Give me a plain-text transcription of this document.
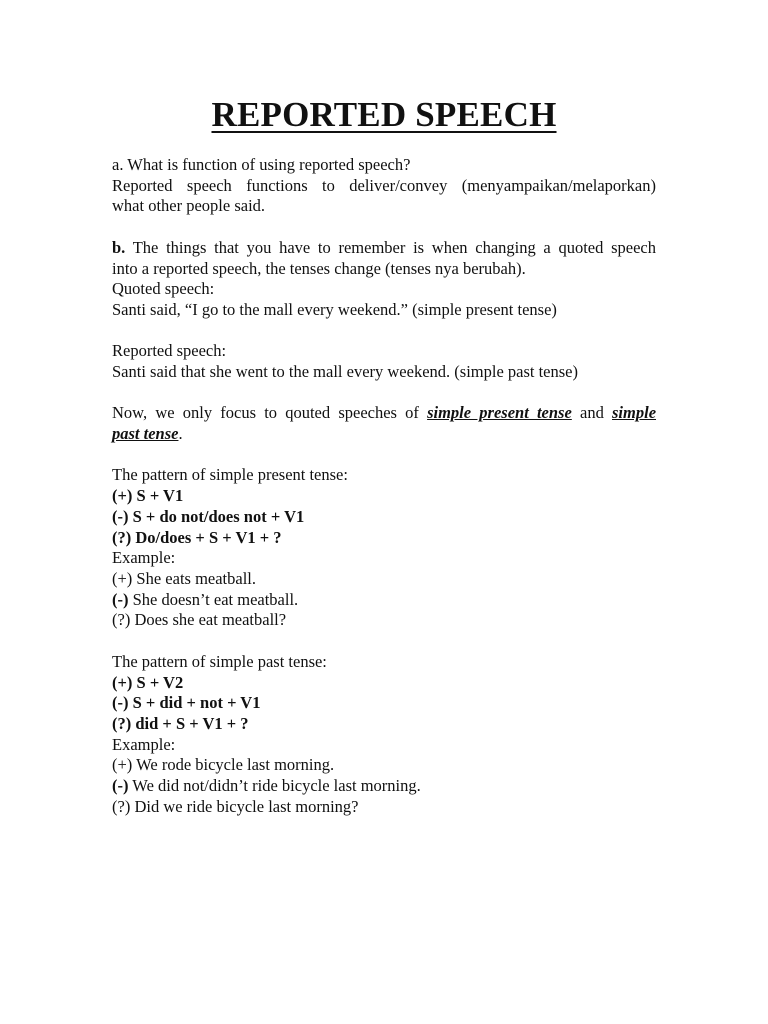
REPORTED SPEECH
a. What is function of using reported speech?
Reported speech functions to deliver/convey (menyampaikan/melaporkan)
what other people said.
b. The things that you have to remember is when changing a quoted speech
into a reported speech, the tenses change (tenses nya berubah).
Quoted speech:
Santi said, “I go to the mall every weekend.” (simple present tense)
Reported speech:
Santi said that she went to the mall every weekend. (simple past tense)
Now, we only focus to qouted speeches of simple present tense and simple
past tense.
The pattern of simple present tense:
(+) S + V1
(-) S + do not/does not + V1
(?) Do/does + S + V1 + ?
Example:
(+) She eats meatball.
(-) She doesn’t eat meatball.
(?) Does she eat meatball?
The pattern of simple past tense:
(+) S + V2
(-) S + did + not + V1
(?) did + S + V1 + ?
Example:
(+) We rode bicycle last morning.
(-) We did not/didn’t ride bicycle last morning.
(?) Did we ride bicycle last morning?
